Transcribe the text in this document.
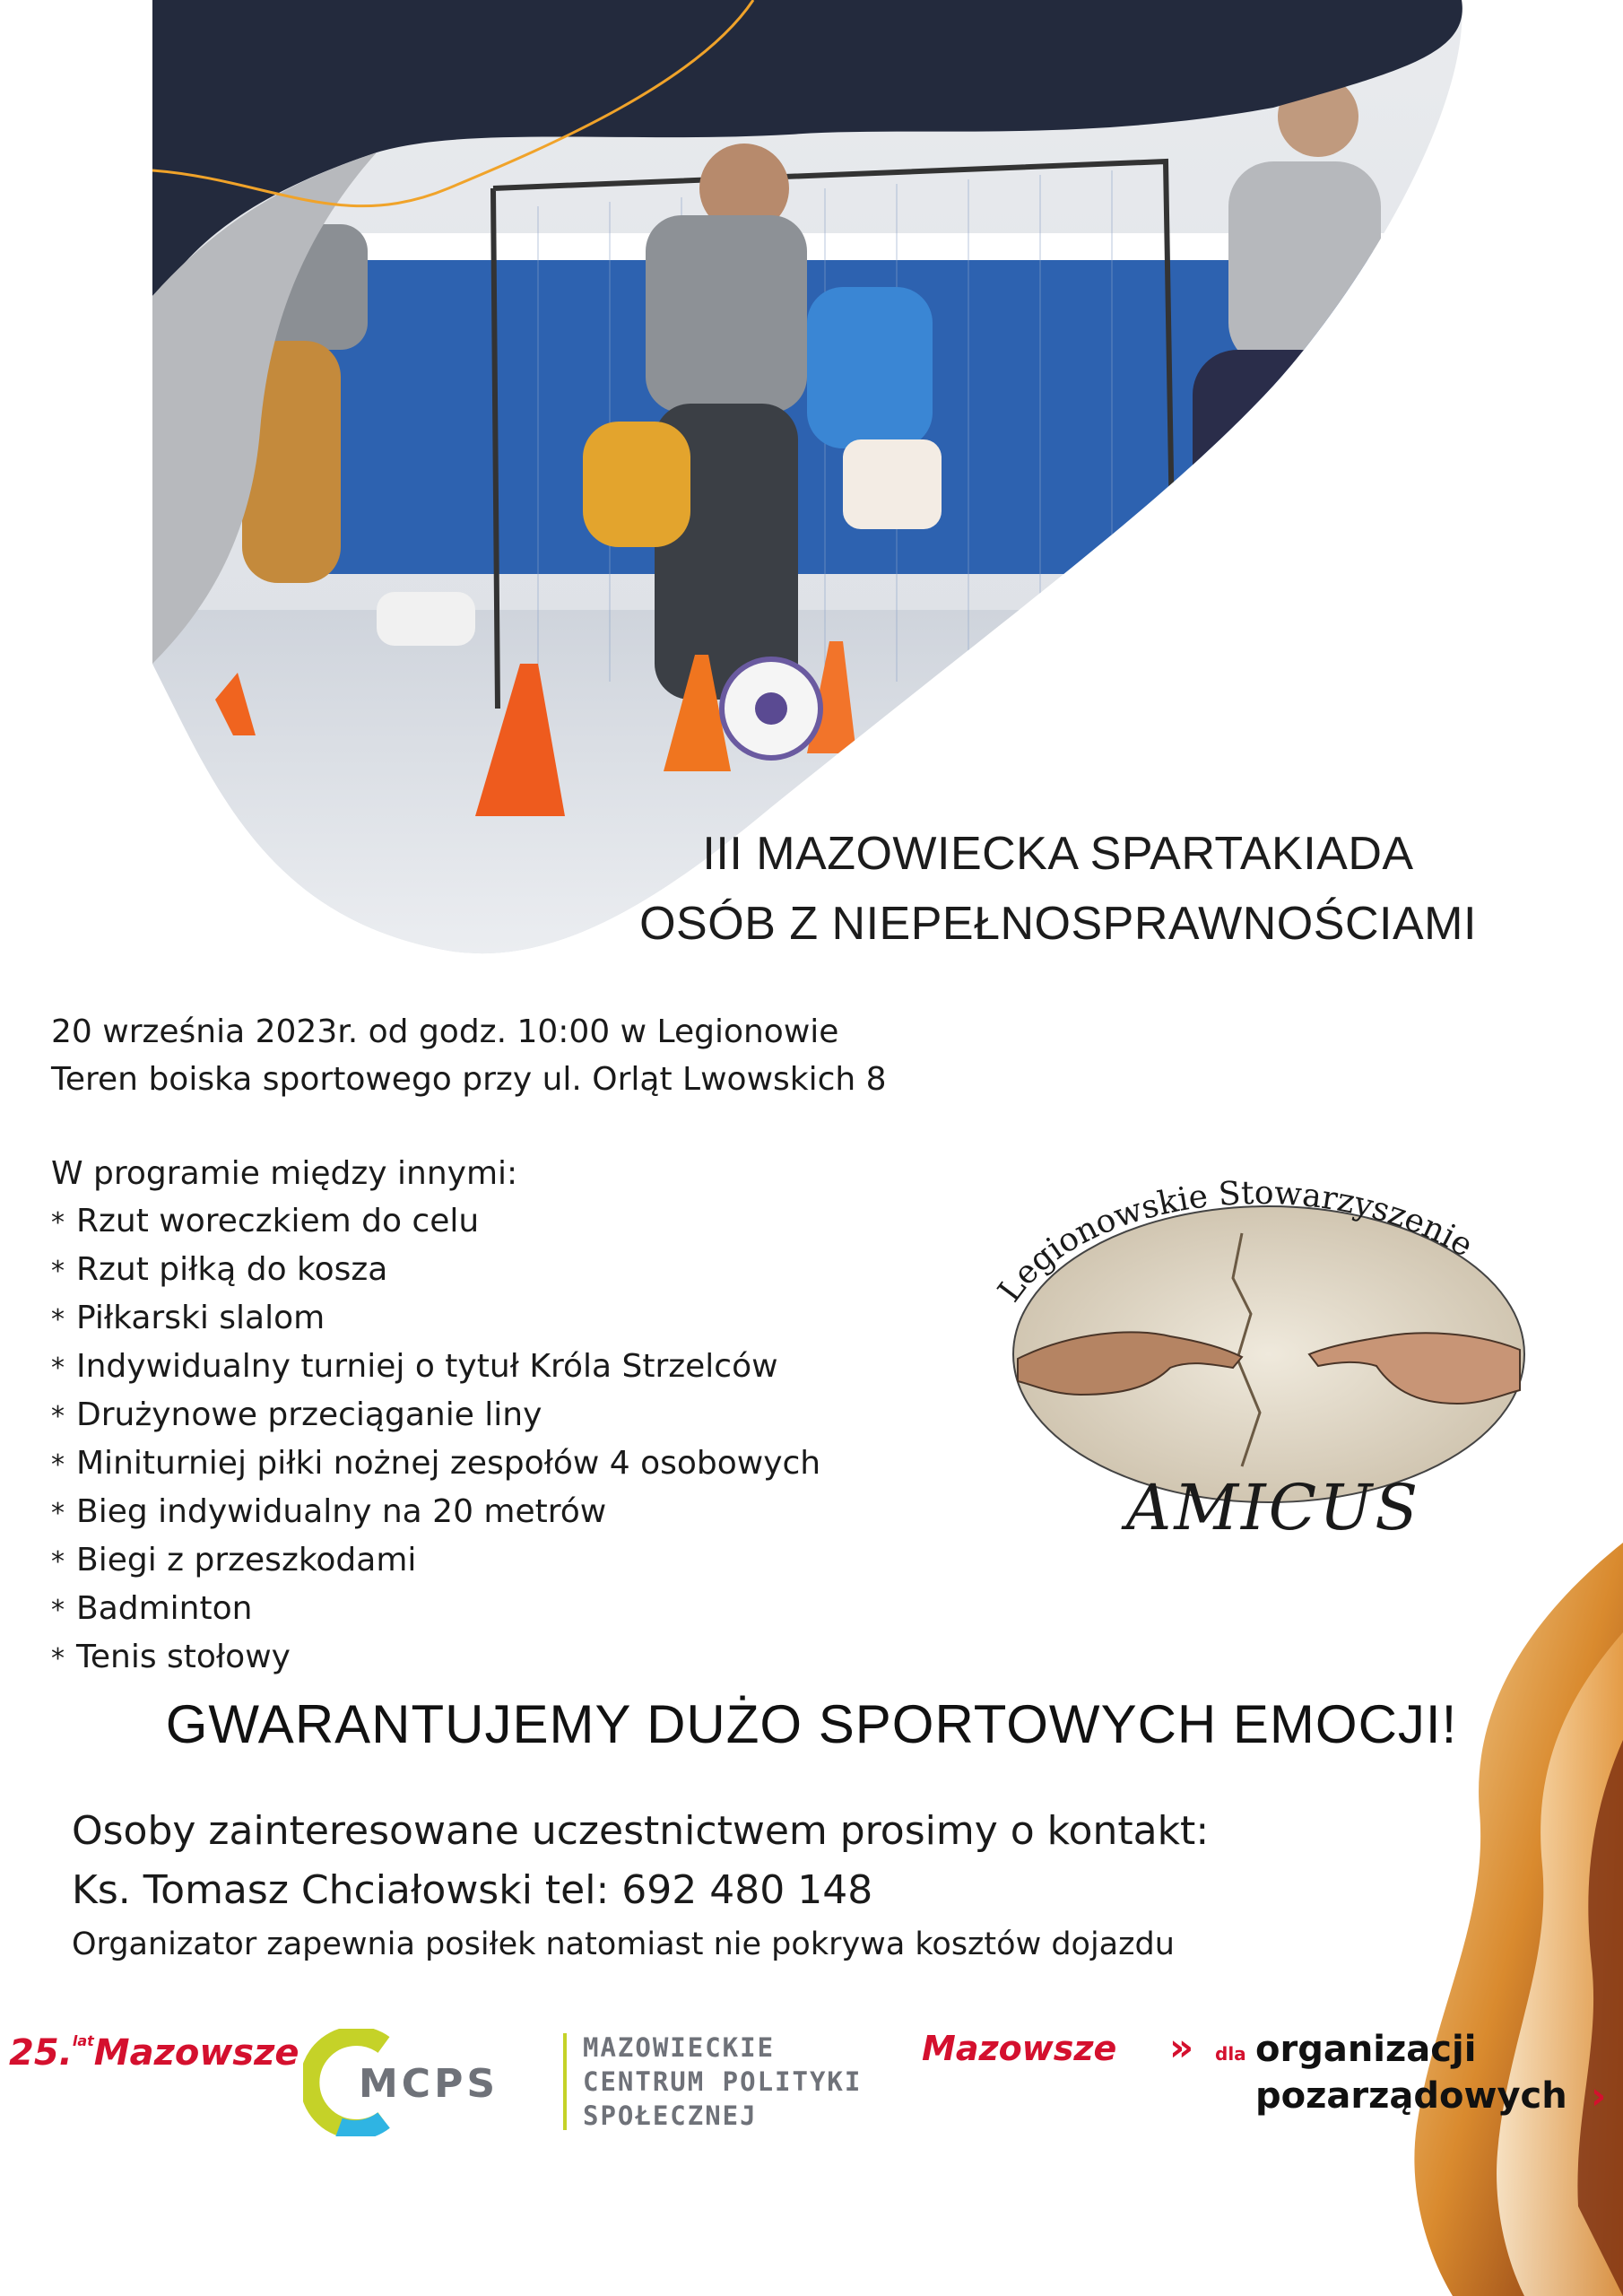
III MAZOWIECKA SPARTAKIADA
OSÓB Z NIEPEŁNOSPRAWNOŚCIAMI
20 września 2023r. od godz. 10:00 w Legionowie
Teren boiska sportowego przy ul. Orląt Lwowskich 8
W programie między innymi:
* Rzut woreczkiem do celu
* Rzut piłką do kosza
* Piłkarski slalom
* Indywidualny turniej o tytuł Króla Strzelców
* Drużynowe przeciąganie liny
* Miniturniej piłki nożnej zespołów 4 osobowych
* Bieg indywidualny na 20 metrów
* Biegi z przeszkodami
* Badminton
* Tenis stołowy
Legionowskie Stowarzyszenie
AMICUS
GWARANTUJEMY DUŻO SPORTOWYCH EMOCJI!
Osoby zainteresowane uczestnictwem prosimy o kontakt:
Ks. Tomasz Chciałowski tel: 692 480 148
Organizator zapewnia posiłek natomiast nie pokrywa kosztów dojazdu
25.$^{lat}$Mazowsze
MCPS
MAZOWIECKIE
CENTRUM POLITYKI
SPOŁECZNEJ
Mazowsze » dla organizacji
pozarządowych ›
